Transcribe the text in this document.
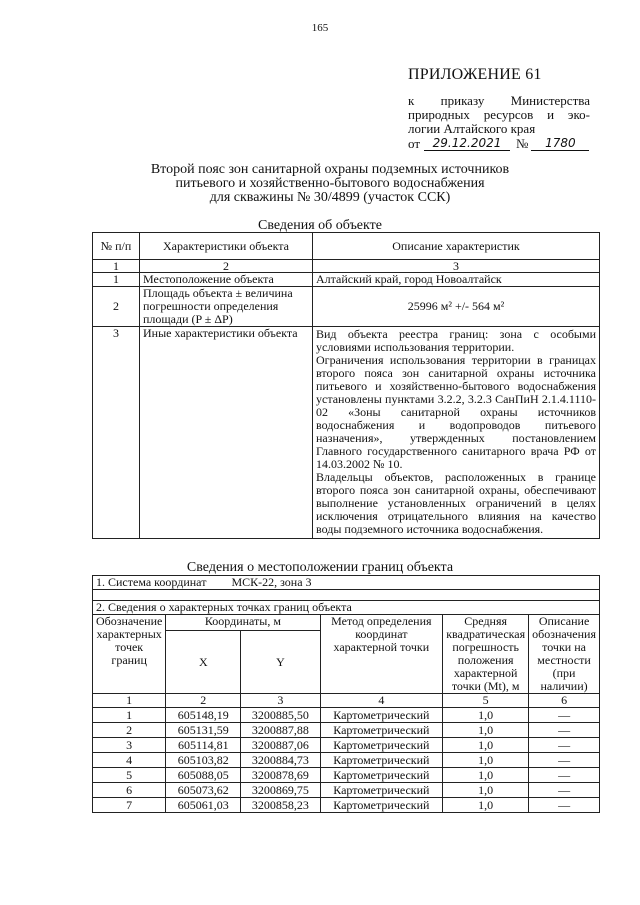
165
ПРИЛОЖЕНИЕ 61
к приказу Министерства
природных ресурсов и эко-
логии Алтайского края
от	29.12.2021	№	1780
Второй пояс зон санитарной охраны подземных источников
питьевого и хозяйственно-бытового водоснабжения
для скважины № 30/4899 (участок ССК)
Сведения об объекте
№ п/п	Характеристики объекта	Описание характеристик
1	2	3
1	Местоположение объекта	Алтайский край, город Новоалтайск
2	Площадь объекта ± величина погрешности определения площади (P ± ΔP)	25996 м² +/- 564 м²
3	Иные характеристики объекта	Вид объекта реестра границ: зона с особыми условиями использования территории.
Ограничения использования территории в границах второго пояса зон санитарной охраны источника питьевого и хозяйственно-бытового водоснабжения установлены пунктами 3.2.2, 3.2.3 СанПиН 2.1.4.1110-02 «Зоны санитарной охраны источников водоснабжения и водопроводов питьевого назначения», утвержденных постановлением Главного государственного санитарного врача РФ от 14.03.2002 № 10.
Владельцы объектов, расположенных в границе второго пояса зон санитарной охраны, обеспечивают выполнение установленных ограничений в целях исключения отрицательного влияния на качество воды подземного источника водоснабжения.
Сведения о местоположении границ объекта
1. Система координат МСК-22, зона 3					

2. Сведения о характерных точках границ объекта					
Обозначение характерных точек границ	Координаты, м		Метод определения координат характерной точки	Средняя квадратическая погрешность положения характерной точки (Mt), м	Описание обозначения точки на местности (при наличии)
	X	Y			
1	2	3	4	5	6
1	605148,19	3200885,50	Картометрический	1,0	—
2	605131,59	3200887,88	Картометрический	1,0	—
3	605114,81	3200887,06	Картометрический	1,0	—
4	605103,82	3200884,73	Картометрический	1,0	—
5	605088,05	3200878,69	Картометрический	1,0	—
6	605073,62	3200869,75	Картометрический	1,0	—
7	605061,03	3200858,23	Картометрический	1,0	—
